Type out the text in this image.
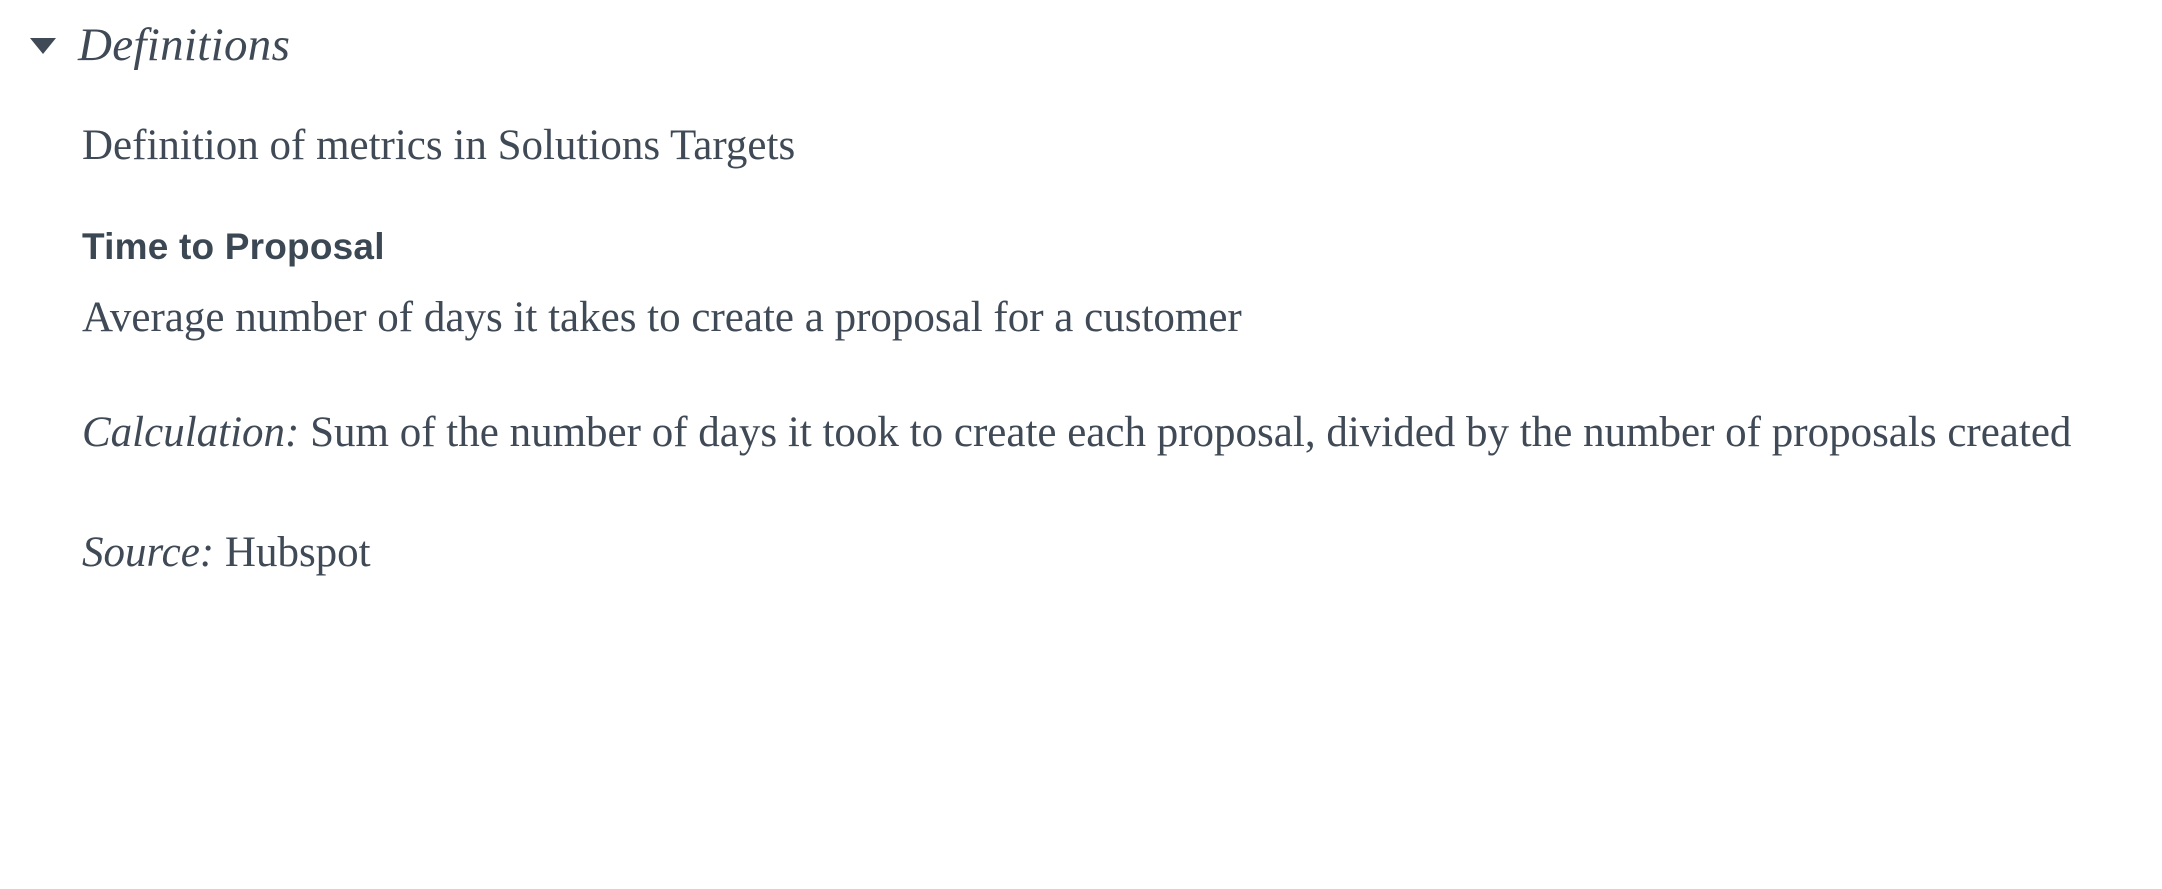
Definitions

Definition of metrics in Solutions Targets

Time to Proposal

Average number of days it takes to create a proposal for a customer

Calculation: Sum of the number of days it took to create each proposal, divided by the number of proposals created

Source: Hubspot
